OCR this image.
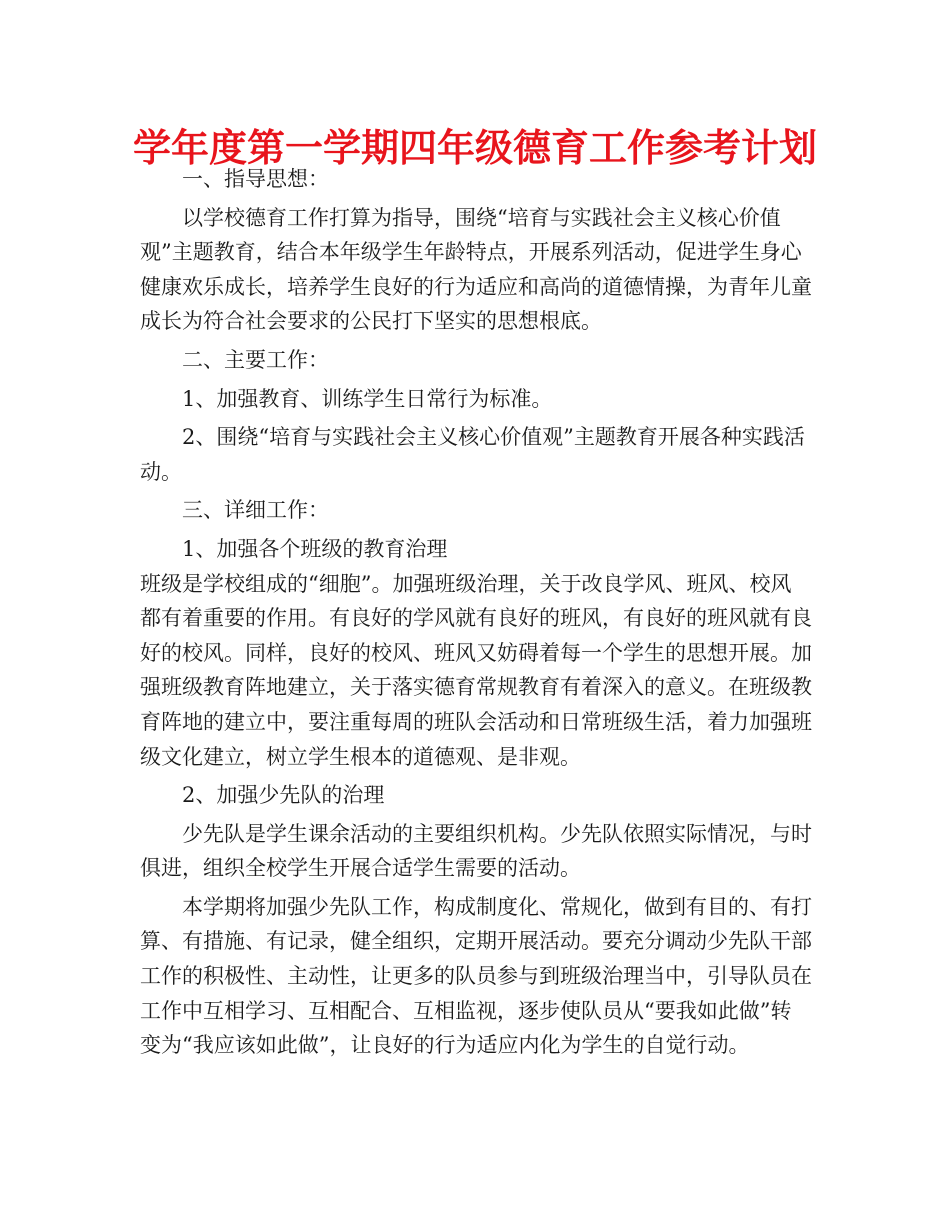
学年度第一学期四年级德育工作参考计划

一、指导思想：

以学校德育工作打算为指导，围绕“培育与实践社会主义核心价值观”主题教育，结合本年级学生年龄特点，开展系列活动，促进学生身心健康欢乐成长，培养学生良好的行为适应和高尚的道德情操，为青年儿童成长为符合社会要求的公民打下坚实的思想根底。

二、主要工作：

1、加强教育、训练学生日常行为标准。

2、围绕“培育与实践社会主义核心价值观”主题教育开展各种实践活动。

三、详细工作：

1、加强各个班级的教育治理

班级是学校组成的“细胞”。加强班级治理，关于改良学风、班风、校风都有着重要的作用。有良好的学风就有良好的班风，有良好的班风就有良好的校风。同样，良好的校风、班风又妨碍着每一个学生的思想开展。加强班级教育阵地建立，关于落实德育常规教育有着深入的意义。在班级教育阵地的建立中，要注重每周的班队会活动和日常班级生活，着力加强班级文化建立，树立学生根本的道德观、是非观。

2、加强少先队的治理

少先队是学生课余活动的主要组织机构。少先队依照实际情况，与时俱进，组织全校学生开展合适学生需要的活动。

本学期将加强少先队工作，构成制度化、常规化，做到有目的、有打算、有措施、有记录，健全组织，定期开展活动。要充分调动少先队干部工作的积极性、主动性，让更多的队员参与到班级治理当中，引导队员在工作中互相学习、互相配合、互相监视，逐步使队员从“要我如此做”转变为“我应该如此做”，让良好的行为适应内化为学生的自觉行动。
